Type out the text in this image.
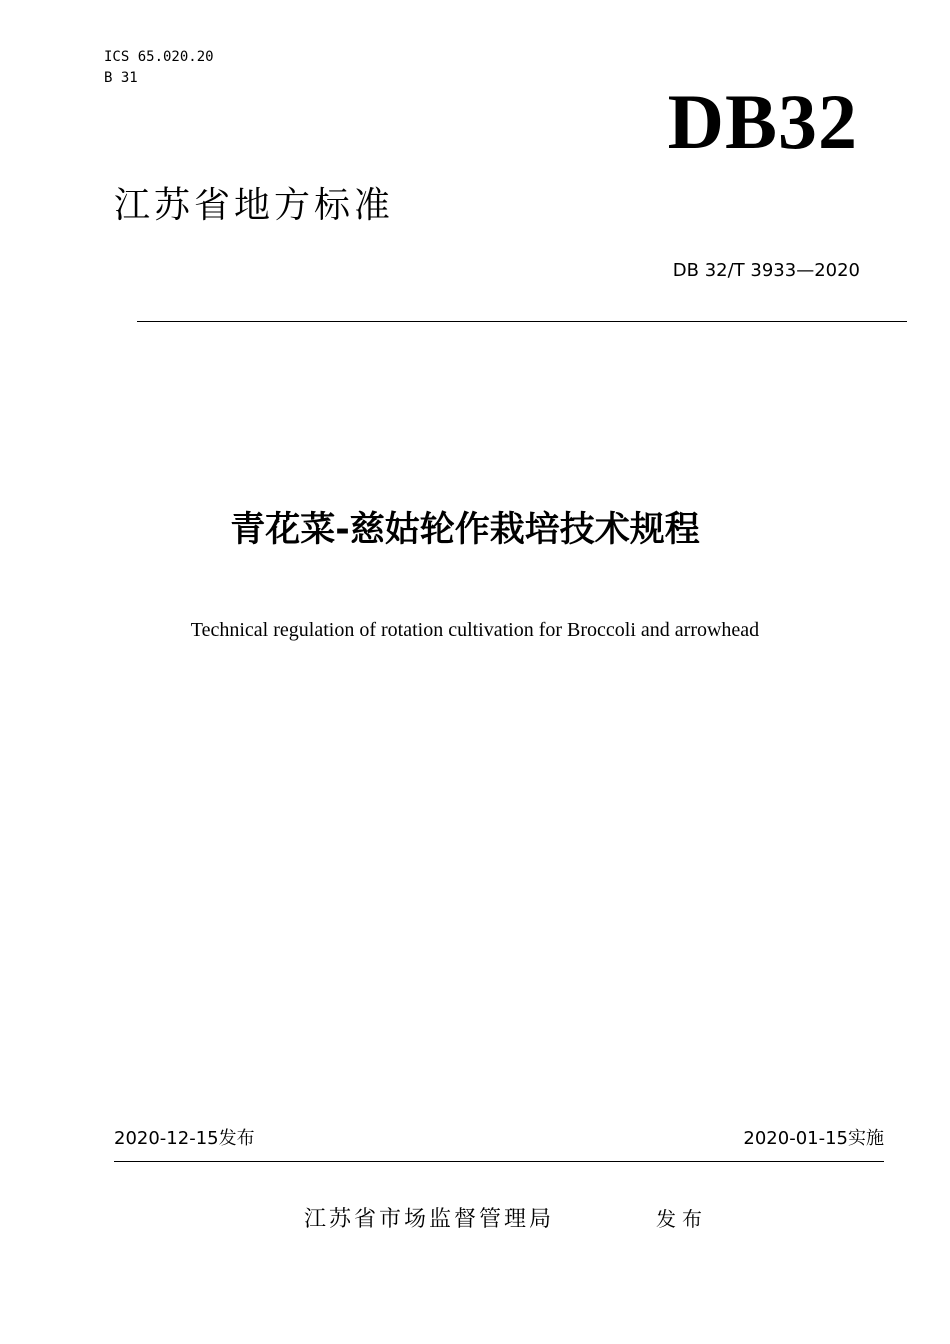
ICS 65.020.20
B 31	DB32
江苏省地方标准
DB 32/T 3933—2020
青花菜-慈姑轮作栽培技术规程
Technical regulation of rotation cultivation for Broccoli and arrowhead
2020-12-15发布	2020-01-15实施
江苏省市场监督管理局	发布
